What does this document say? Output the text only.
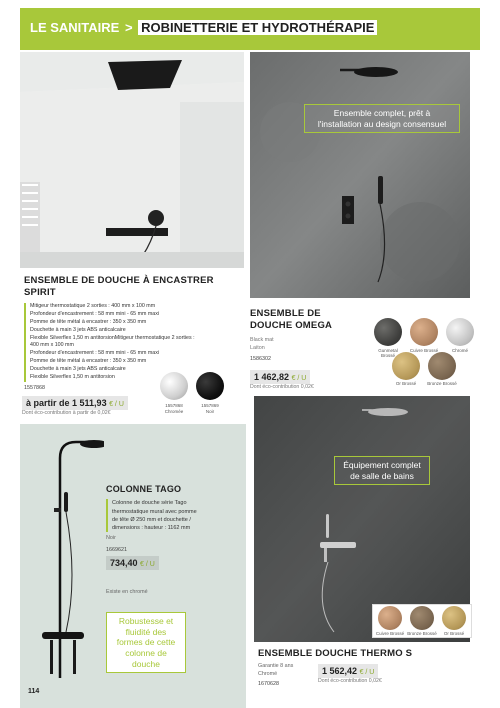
LE SANITAIRE > ROBINETTERIE ET HYDROTHÉRAPIE
Ensemble complet, prêt à l'installation au design consensuel
ENSEMBLE DE DOUCHE À ENCASTRER SPIRIT
Mitigeur thermostatique 2 sorties : 400 mm x 100 mm
Profondeur d'encastrement : 58 mm mini - 65 mm maxi
Pomme de tête métal à encastrer : 350 x 350 mm
Douchette à main 3 jets ABS anticalcaire
Flexible Silverflex 1,50 m antitorsionMitigeur thermostatique 2 sorties :
400 mm x 100 mm
Profondeur d'encastrement : 58 mm mini - 65 mm maxi
Pomme de tête métal à encastrer : 350 x 350 mm
Douchette à main 3 jets ABS anticalcaire
Flexible Silverflex 1,50 m antitorsion
1557868
à partir de 1 511,93 € / U
Dont éco-contribution à partir de 0,02€
1557868
Chromée
1557869
Noir
ENSEMBLE DE DOUCHE OMEGA
Black mat
Laiton
1586302
1 462,82 € / U
Dont éco-contribution 0,02€
Gunmetal Brossé
Cuivre Brossé	Chromé
Or Brossé	Bronze Brossé
COLONNE TAGO
Colonne de douche série Tago
thermostatique mural avec pomme
de tête Ø 250 mm et douchette /
dimensions : hauteur : 1162 mm
Noir
1669621
734,40 € / U
Existe en chromé
Robustesse et fluidité des formes de cette colonne de douche
Équipement complet de salle de bains
Cuivre Brossé Bronze Brossé	Or Brossé
ENSEMBLE DOUCHE THERMO S
Garantie 8 ans
Chromé
1670628
1 562,42 € / U
Dont éco-contribution 0,02€
114
